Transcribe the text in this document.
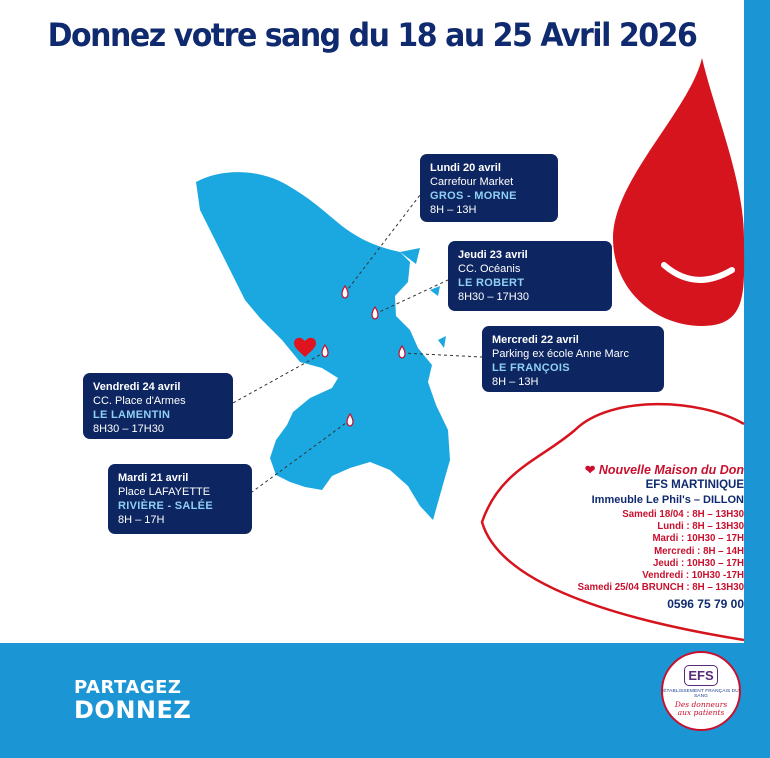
Donnez votre sang du 18 au 25 Avril 2026
Lundi 20 avril
Carrefour Market
GROS - MORNE
8H – 13H
Jeudi 23 avril
CC. Océanis
LE ROBERT
8H30 – 17H30
Mercredi 22 avril
Parking ex école Anne Marc
LE FRANÇOIS
8H – 13H
Vendredi 24 avril
CC. Place d'Armes
LE LAMENTIN
8H30 – 17H30
Mardi 21 avril
Place LAFAYETTE
RIVIÈRE - SALÉE
8H – 17H
❤ Nouvelle Maison du Don
EFS MARTINIQUE
Immeuble Le Phil's – DILLON
Samedi 18/04 : 8H – 13H30
Lundi : 8H – 13H30
Mardi : 10H30 – 17H
Mercredi : 8H – 14H
Jeudi : 10H30 – 17H
Vendredi : 10H30 -17H
Samedi 25/04 BRUNCH : 8H – 13H30
0596 75 79 00
PARTAGEZ
DONNEZ
EFS
ÉTABLISSEMENT FRANÇAIS DU SANG
Des donneurs
aux patients
